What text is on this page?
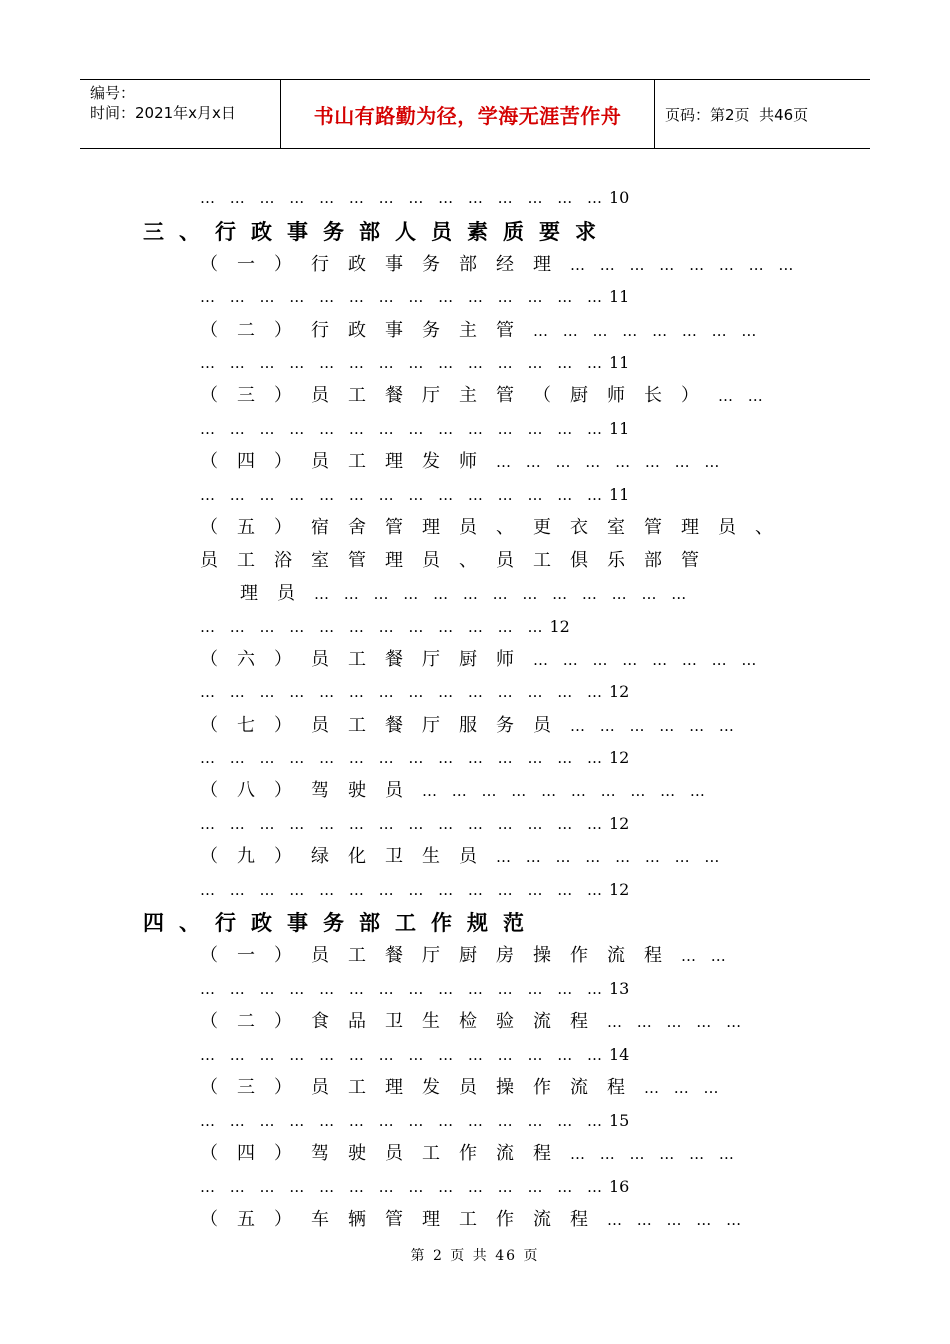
编号：
时间：2021年x月x日	书山有路勤为径，学海无涯苦作舟	页码：第2页  共46页
… … … … … … … … … … … … … … 10
三、行政事务部人员素质要求
（一）行政事务部经理… … … … … … … …
… … … … … … … … … … … … … … 11
（二）行政事务主管… … … … … … … …
… … … … … … … … … … … … … … 11
（三）员工餐厅主管（厨师长）… …
… … … … … … … … … … … … … … 11
（四）员工理发师… … … … … … … …
… … … … … … … … … … … … … … 11
（五）宿舍管理员、更衣室管理员、
员工浴室管理员、员工俱乐部管
理员… … … … … … … … … … … … …
… … … … … … … … … … … … 12
（六）员工餐厅厨师… … … … … … … …
… … … … … … … … … … … … … … 12
（七）员工餐厅服务员… … … … … …
… … … … … … … … … … … … … … 12
（八）驾驶员… … … … … … … … … …
… … … … … … … … … … … … … … 12
（九）绿化卫生员… … … … … … … …
… … … … … … … … … … … … … … 12
四、行政事务部工作规范
（一）员工餐厅厨房操作流程… …
… … … … … … … … … … … … … … 13
（二）食品卫生检验流程… … … … …
… … … … … … … … … … … … … … 14
（三）员工理发员操作流程… … …
… … … … … … … … … … … … … … 15
（四）驾驶员工作流程… … … … … …
… … … … … … … … … … … … … … 16
（五）车辆管理工作流程… … … … …
第 2 页 共 46 页
